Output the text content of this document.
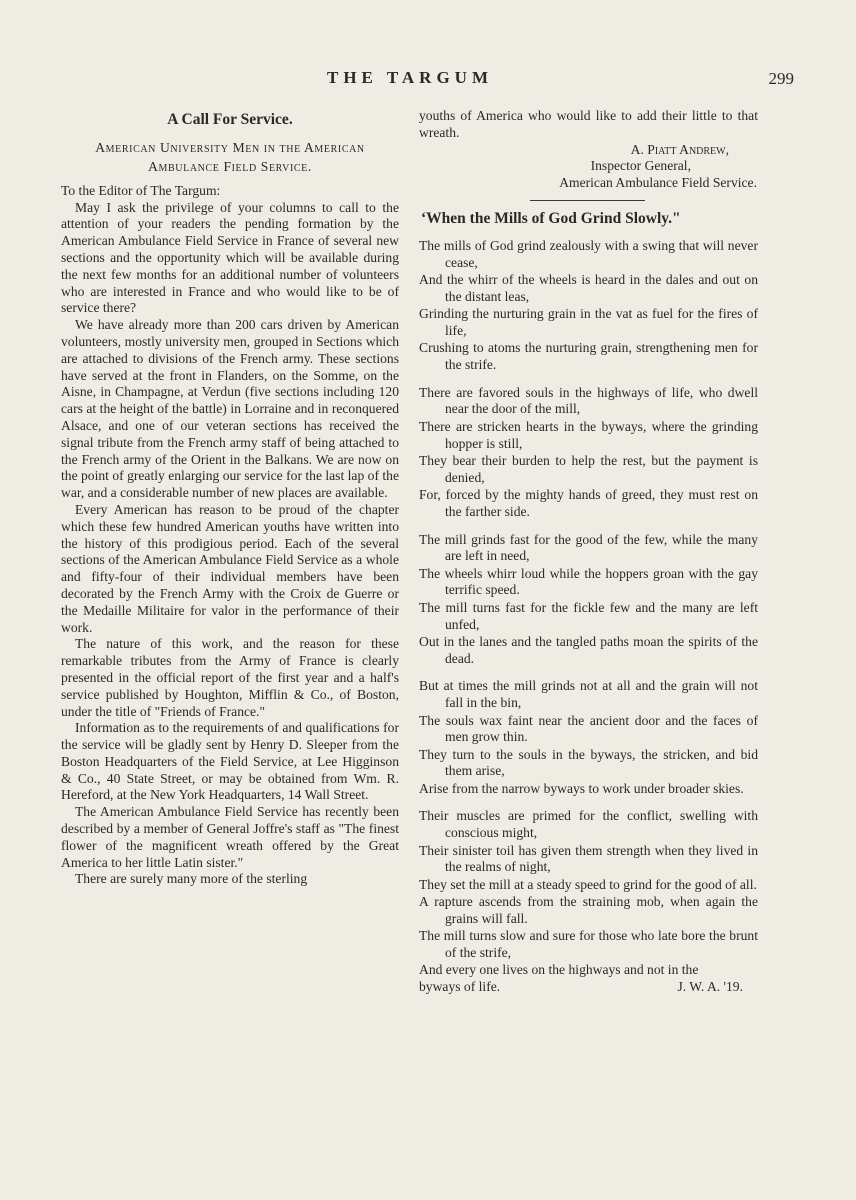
THE TARGUM	299
A Call For Service.
American University Men in the American
Ambulance Field Service.

To the Editor of The Targum:

May I ask the privilege of your columns to call to the attention of your readers the pending formation by the American Ambulance Field Service in France of several new sections and the opportunity which will be available during the next few months for an additional number of volunteers who are interested in France and who would like to be of service there?

We have already more than 200 cars driven by American volunteers, mostly university men, grouped in Sections which are attached to divisions of the French army. These sections have served at the front in Flanders, on the Somme, on the Aisne, in Champagne, at Verdun (five sections including 120 cars at the height of the battle) in Lorraine and in reconquered Alsace, and one of our veteran sections has received the signal tribute from the French army staff of being attached to the French army of the Orient in the Balkans. We are now on the point of greatly enlarging our service for the last lap of the war, and a considerable number of new places are available.

Every American has reason to be proud of the chapter which these few hundred American youths have written into the history of this prodigious period. Each of the several sections of the American Ambulance Field Service as a whole and fifty-four of their individual members have been decorated by the French Army with the Croix de Guerre or the Medaille Militaire for valor in the performance of their work.

The nature of this work, and the reason for these remarkable tributes from the Army of France is clearly presented in the official report of the first year and a half's service published by Houghton, Mifflin & Co., of Boston, under the title of "Friends of France."

Information as to the requirements of and qualifications for the service will be gladly sent by Henry D. Sleeper from the Boston Headquarters of the Field Service, at Lee Higginson & Co., 40 State Street, or may be obtained from Wm. R. Hereford, at the New York Headquarters, 14 Wall Street.

The American Ambulance Field Service has recently been described by a member of General Joffre's staff as "The finest flower of the magnificent wreath offered by the Great America to her little Latin sister."

There are surely many more of the sterling

youths of America who would like to add their little to that wreath.

A. Piatt Andrew,
Inspector General,
American Ambulance Field Service.
‘When the Mills of God Grind Slowly."
The mills of God grind zealously with a swing that will never cease,
And the whirr of the wheels is heard in the dales and out on the distant leas,
Grinding the nurturing grain in the vat as fuel for the fires of life,
Crushing to atoms the nurturing grain, strengthening men for the strife.
There are favored souls in the highways of life, who dwell near the door of the mill,
There are stricken hearts in the byways, where the grinding hopper is still,
They bear their burden to help the rest, but the payment is denied,
For, forced by the mighty hands of greed, they must rest on the farther side.
The mill grinds fast for the good of the few, while the many are left in need,
The wheels whirr loud while the hoppers groan with the gay terrific speed.
The mill turns fast for the fickle few and the many are left unfed,
Out in the lanes and the tangled paths moan the spirits of the dead.
But at times the mill grinds not at all and the grain will not fall in the bin,
The souls wax faint near the ancient door and the faces of men grow thin.
They turn to the souls in the byways, the stricken, and bid them arise,
Arise from the narrow byways to work under broader skies.
Their muscles are primed for the conflict, swelling with conscious might,
Their sinister toil has given them strength when they lived in the realms of night,
They set the mill at a steady speed to grind for the good of all.
A rapture ascends from the straining mob, when again the grains will fall.
The mill turns slow and sure for those who late bore the brunt of the strife,
And every one lives on the highways and not in the
byways of life.	J. W. A. '19.
